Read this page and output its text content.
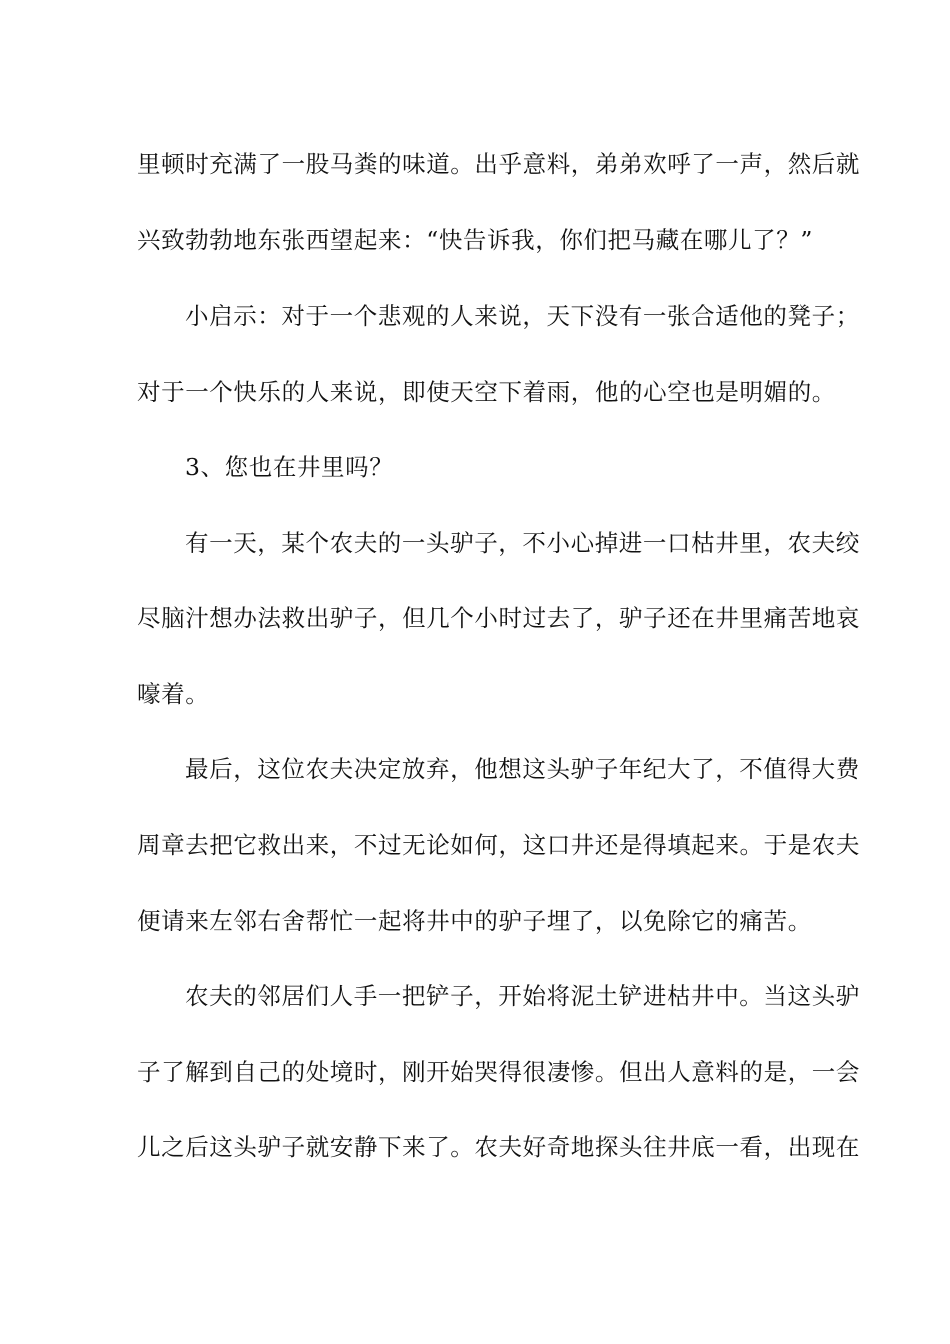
里顿时充满了一股马粪的味道。出乎意料，弟弟欢呼了一声，然后就
兴致勃勃地东张西望起来：“快告诉我，你们把马藏在哪儿了？”
小启示：对于一个悲观的人来说，天下没有一张合适他的凳子；
对于一个快乐的人来说，即使天空下着雨，他的心空也是明媚的。
3、您也在井里吗？
有一天，某个农夫的一头驴子，不小心掉进一口枯井里，农夫绞
尽脑汁想办法救出驴子，但几个小时过去了，驴子还在井里痛苦地哀
嚎着。
最后，这位农夫决定放弃，他想这头驴子年纪大了，不值得大费
周章去把它救出来，不过无论如何，这口井还是得填起来。于是农夫
便请来左邻右舍帮忙一起将井中的驴子埋了，以免除它的痛苦。
农夫的邻居们人手一把铲子，开始将泥土铲进枯井中。当这头驴
子了解到自己的处境时，刚开始哭得很凄惨。但出人意料的是，一会
儿之后这头驴子就安静下来了。农夫好奇地探头往井底一看，出现在
